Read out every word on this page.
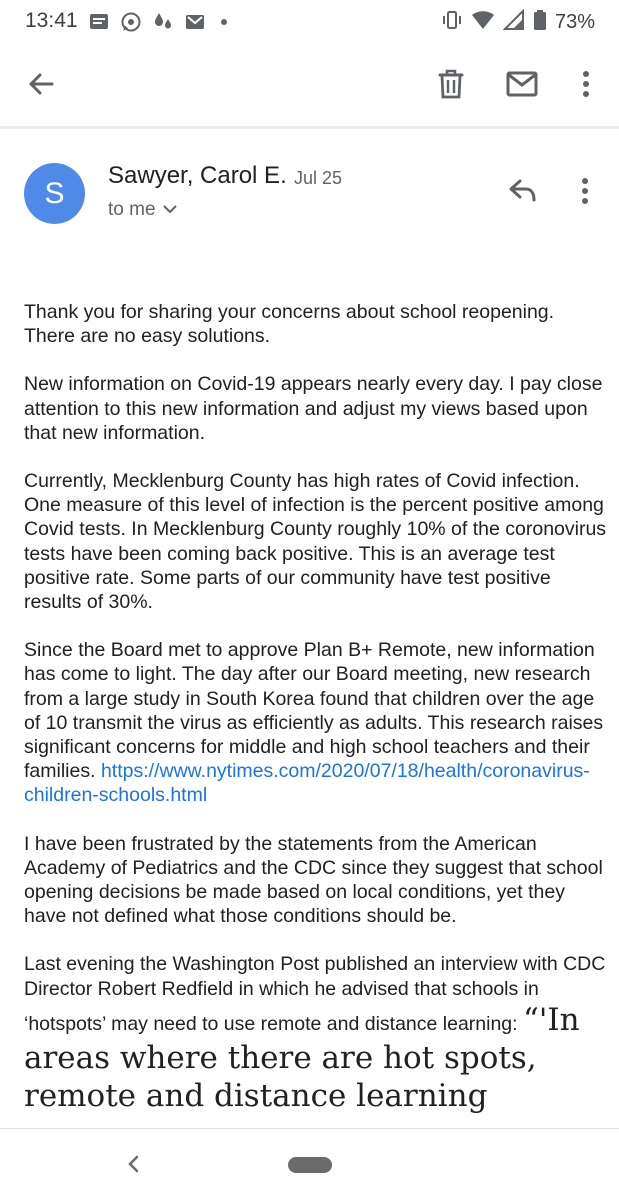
13:41	73%
S
Sawyer, Carol E. Jul 25
to me

Thank you for sharing your concerns about school reopening. There are no easy solutions.

New information on Covid-19 appears nearly every day. I pay close attention to this new information and adjust my views based upon that new information.

Currently, Mecklenburg County has high rates of Covid infection. One measure of this level of infection is the percent positive among Covid tests. In Mecklenburg County roughly 10% of the coronovirus tests have been coming back positive. This is an average test positive rate. Some parts of our community have test positive results of 30%.

Since the Board met to approve Plan B+ Remote, new information has come to light. The day after our Board meeting, new research from a large study in South Korea found that children over the age of 10 transmit the virus as efficiently as adults. This research raises significant concerns for middle and high school teachers and their families. https://www.nytimes.com/2020/07/18/health/coronavirus-children-schools.html

I have been frustrated by the statements from the American Academy of Pediatrics and the CDC since they suggest that school opening decisions be made based on local conditions, yet they have not defined what those conditions should be.

Last evening the Washington Post published an interview with CDC Director Robert Redfield in which he advised that schools in ‘hotspots’ may need to use remote and distance learning: “'In areas where there are hot spots, remote and distance learning
